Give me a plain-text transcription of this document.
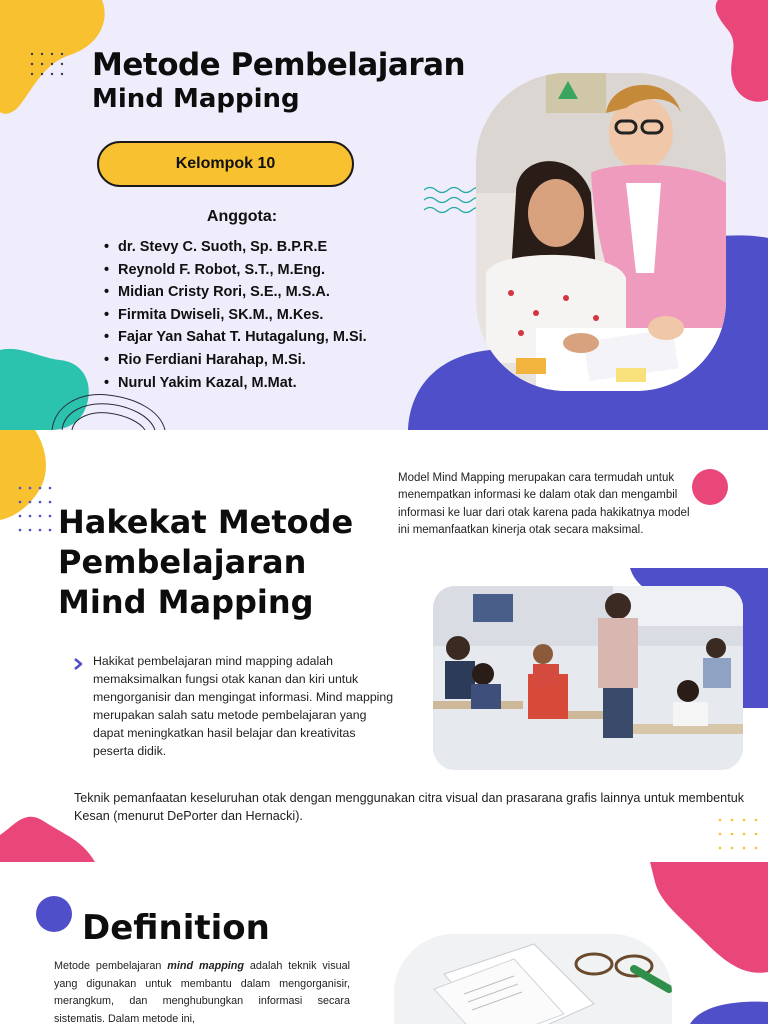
Metode Pembelajaran
Mind Mapping
Kelompok 10
Anggota:
• dr. Stevy C. Suoth, Sp. B.P.R.E
• Reynold F. Robot, S.T., M.Eng.
• Midian Cristy Rori, S.E., M.S.A.
• Firmita Dwiseli, SK.M., M.Kes.
• Fajar Yan Sahat T. Hutagalung, M.Si.
• Rio Ferdiani Harahap, M.Si.
• Nurul Yakim Kazal, M.Mat.
Model Mind Mapping merupakan cara termudah untuk menempatkan informasi ke dalam otak dan mengambil informasi ke luar dari otak karena pada hakikatnya model ini memanfaatkan kinerja otak secara maksimal.
Hakekat Metode
Pembelajaran
Mind Mapping
Hakikat pembelajaran mind mapping adalah memaksimalkan fungsi otak kanan dan kiri untuk mengorganisir dan mengingat informasi. Mind mapping merupakan salah satu metode pembelajaran yang dapat meningkatkan hasil belajar dan kreativitas peserta didik.
Teknik pemanfaatan keseluruhan otak dengan menggunakan citra visual dan prasarana grafis lainnya untuk membentuk Kesan (menurut DePorter dan Hernacki).
Definition
Metode pembelajaran mind mapping adalah teknik visual yang digunakan untuk membantu dalam mengorganisir, merangkum, dan menghubungkan informasi secara sistematis. Dalam metode ini,
